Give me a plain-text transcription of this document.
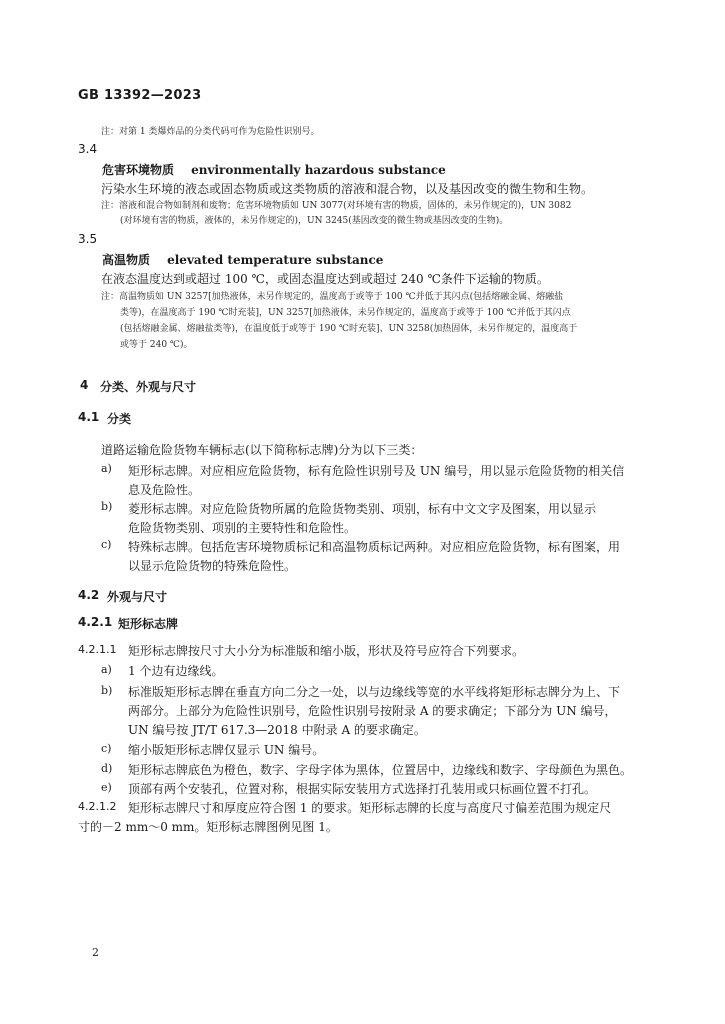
GB 13392—2023
注：对第 1 类爆炸品的分类代码可作为危险性识别号。
3.4
危害环境物质 environmentally hazardous substance
污染水生环境的液态或固态物质或这类物质的溶液和混合物，以及基因改变的微生物和生物。
注：溶液和混合物如制剂和废物；危害环境物质如 UN 3077(对环境有害的物质，固体的，未另作规定的)，UN 3082
(对环境有害的物质，液体的，未另作规定的)，UN 3245(基因改变的微生物或基因改变的生物)。
3.5
高温物质 elevated temperature substance
在液态温度达到或超过 100 ℃，或固态温度达到或超过 240 ℃条件下运输的物质。
注：高温物质如 UN 3257[加热液体，未另作规定的，温度高于或等于 100 ℃并低于其闪点(包括熔融金属、熔融盐
类等)，在温度高于 190 ℃时充装]，UN 3257[加热液体，未另作规定的，温度高于或等于 100 ℃并低于其闪点
(包括熔融金属、熔融盐类等)，在温度低于或等于 190 ℃时充装]、UN 3258(加热固体，未另作规定的，温度高于
或等于 240 ℃)。
4 分类、外观与尺寸
4.1 分类
道路运输危险货物车辆标志(以下简称标志牌)分为以下三类：
a) 矩形标志牌。对应相应危险货物，标有危险性识别号及 UN 编号，用以显示危险货物的相关信
息及危险性。
b) 菱形标志牌。对应危险货物所属的危险货物类别、项别，标有中文文字及图案，用以显示
危险货物类别、项别的主要特性和危险性。
c) 特殊标志牌。包括危害环境物质标记和高温物质标记两种。对应相应危险货物，标有图案，用
以显示危险货物的特殊危险性。
4.2 外观与尺寸
4.2.1 矩形标志牌
4.2.1.1 矩形标志牌按尺寸大小分为标准版和缩小版，形状及符号应符合下列要求。
a) 1 个边有边缘线。
b) 标准版矩形标志牌在垂直方向二分之一处，以与边缘线等宽的水平线将矩形标志牌分为上、下
两部分。上部分为危险性识别号，危险性识别号按附录 A 的要求确定；下部分为 UN 编号，
UN 编号按 JT/T 617.3—2018 中附录 A 的要求确定。
c) 缩小版矩形标志牌仅显示 UN 编号。
d) 矩形标志牌底色为橙色，数字、字母字体为黑体，位置居中，边缘线和数字、字母颜色为黑色。
e) 顶部有两个安装孔，位置对称，根据实际安装用方式选择打孔装用或只标画位置不打孔。
4.2.1.2 矩形标志牌尺寸和厚度应符合图 1 的要求。矩形标志牌的长度与高度尺寸偏差范围为规定尺
寸的－2 mm～0 mm。矩形标志牌图例见图 1。
2
